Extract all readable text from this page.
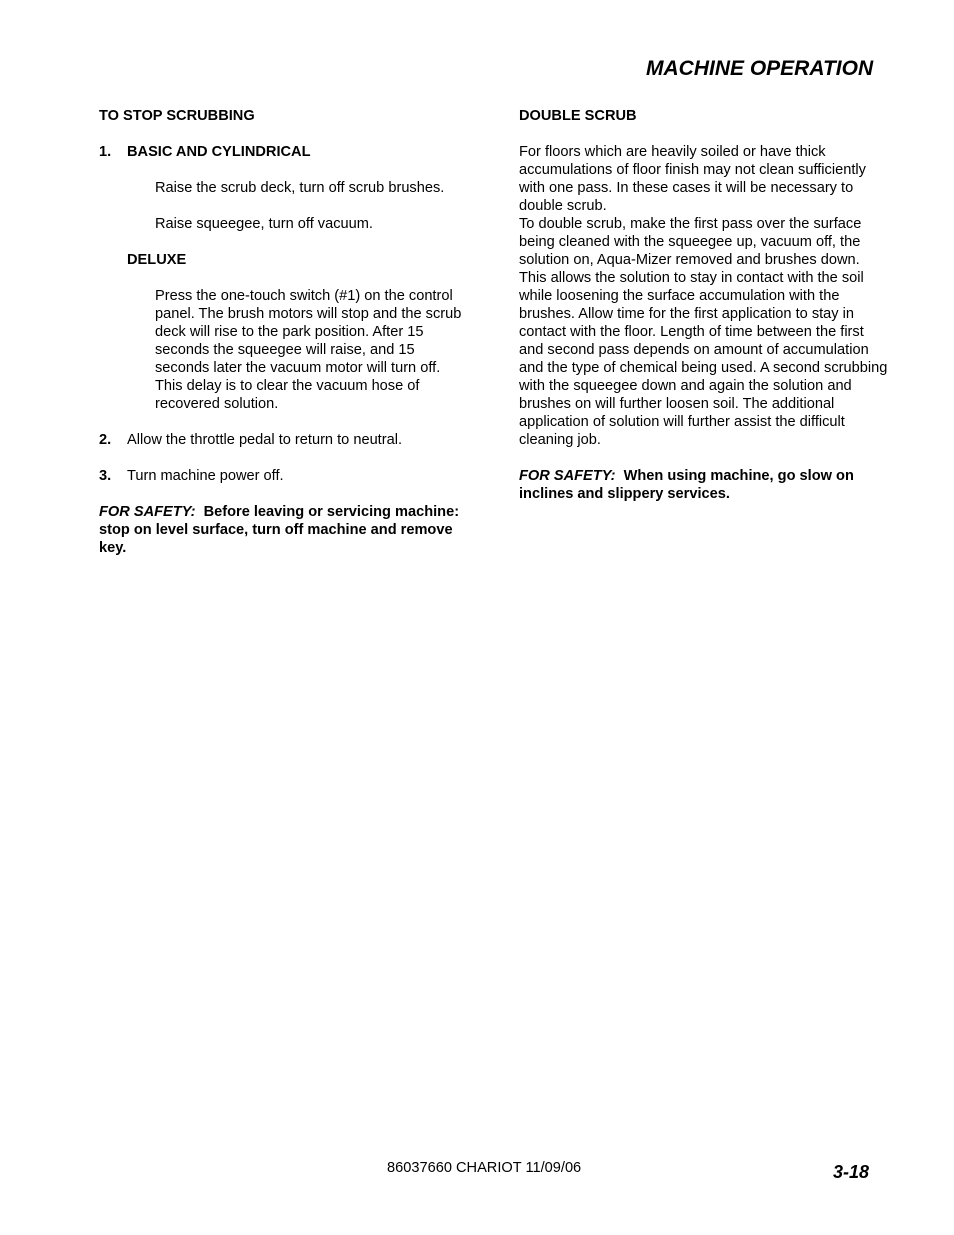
MACHINE OPERATION

TO STOP SCRUBBING

1.	BASIC AND CYLINDRICAL

Raise the scrub deck, turn off scrub brushes.

Raise squeegee, turn off vacuum.

DELUXE

Press the one-touch switch (#1) on the control panel. The brush motors will stop and the scrub deck will rise to the park position. After 15 seconds the squeegee will raise, and 15 seconds later the vacuum motor will turn off. This delay is to clear the vacuum hose of recovered solution.

2.	Allow the throttle pedal to return to neutral.
3.	Turn machine power off.

FOR SAFETY: Before leaving or servicing machine: stop on level surface, turn off machine and remove key.

DOUBLE SCRUB

For floors which are heavily soiled or have thick accumulations of floor finish may not clean sufficiently with one pass. In these cases it will be necessary to double scrub.

To double scrub, make the first pass over the surface being cleaned with the squeegee up, vacuum off, the solution on, Aqua-Mizer removed and brushes down. This allows the solution to stay in contact with the soil while loosening the surface accumulation with the brushes. Allow time for the first application to stay in contact with the floor. Length of time between the first and second pass depends on amount of accumulation and the type of chemical being used. A second scrubbing with the squeegee down and again the solution and brushes on will further loosen soil. The additional application of solution will further assist the difficult cleaning job.

FOR SAFETY: When using machine, go slow on inclines and slippery services.

86037660 CHARIOT 11/09/06	3-18
